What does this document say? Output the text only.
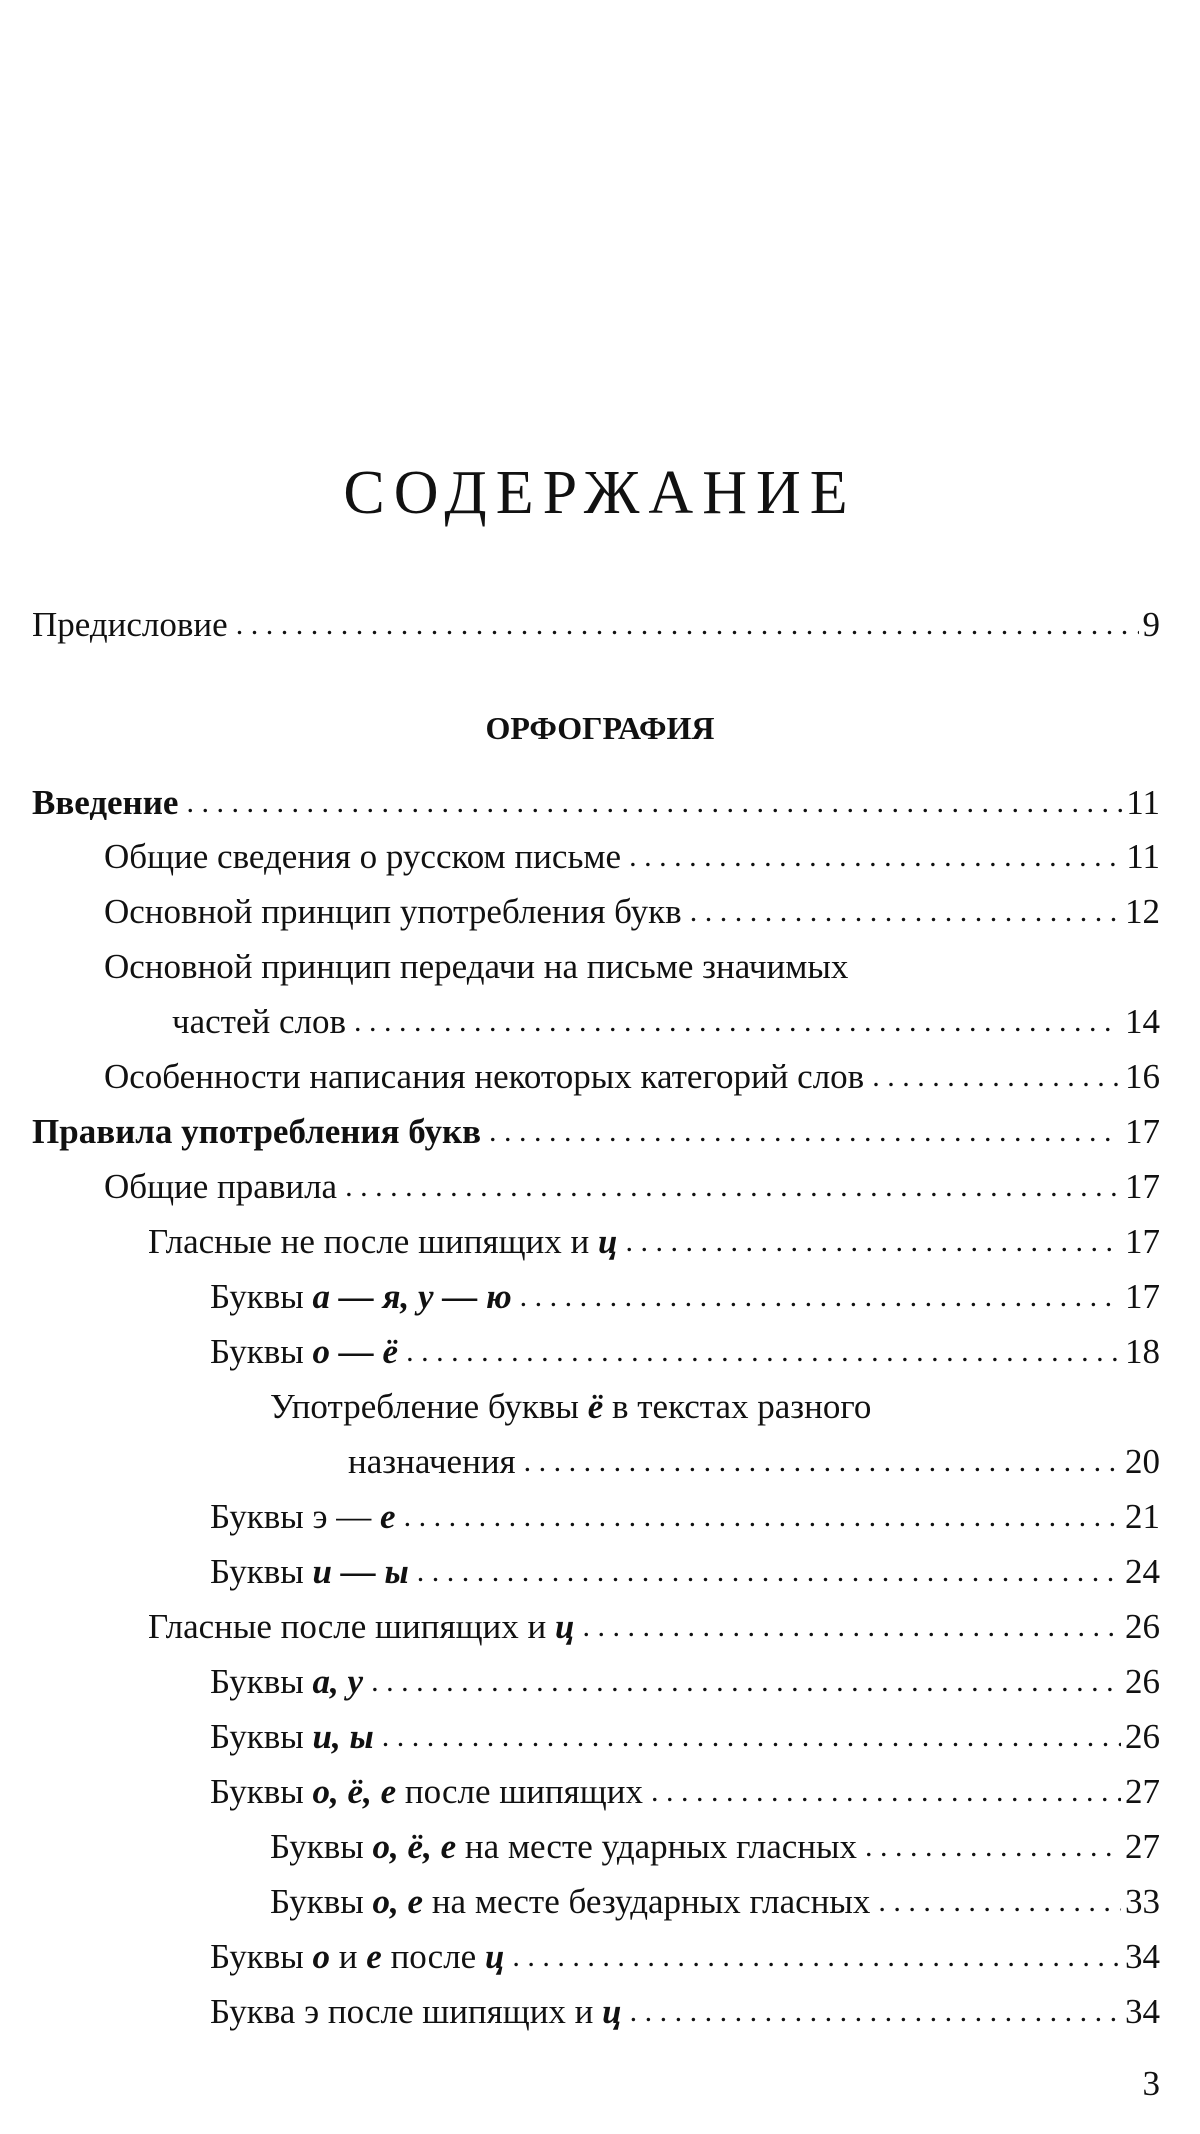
СОДЕРЖАНИЕ
Предисловие . . .	9
ОРФОГРАФИЯ
Введение . . .	11
Общие сведения о русском письме . . .	11
Основной принцип употребления букв . . .	12
Основной принцип передачи на письме значимых
частей слов . . .	14
Особенности написания некоторых категорий слов . . .	16
Правила употребления букв . . .	17
Общие правила . . .	17
Гласные не после шипящих и ц . . .	17
Буквы а — я, у — ю . . .	17
Буквы о — ё . . .	18
Употребление буквы ё в текстах разного
назначения . . .	20
Буквы э — е . . .	21
Буквы и — ы . . .	24
Гласные после шипящих и ц . . .	26
Буквы а, у . . .	26
Буквы и, ы . . .	26
Буквы о, ё, е после шипящих . . .	27
Буквы о, ё, е на месте ударных гласных . . .	27
Буквы о, е на месте безударных гласных . . .	33
Буквы о и е после ц . . .	34
Буква э после шипящих и ц . . .	34
3
